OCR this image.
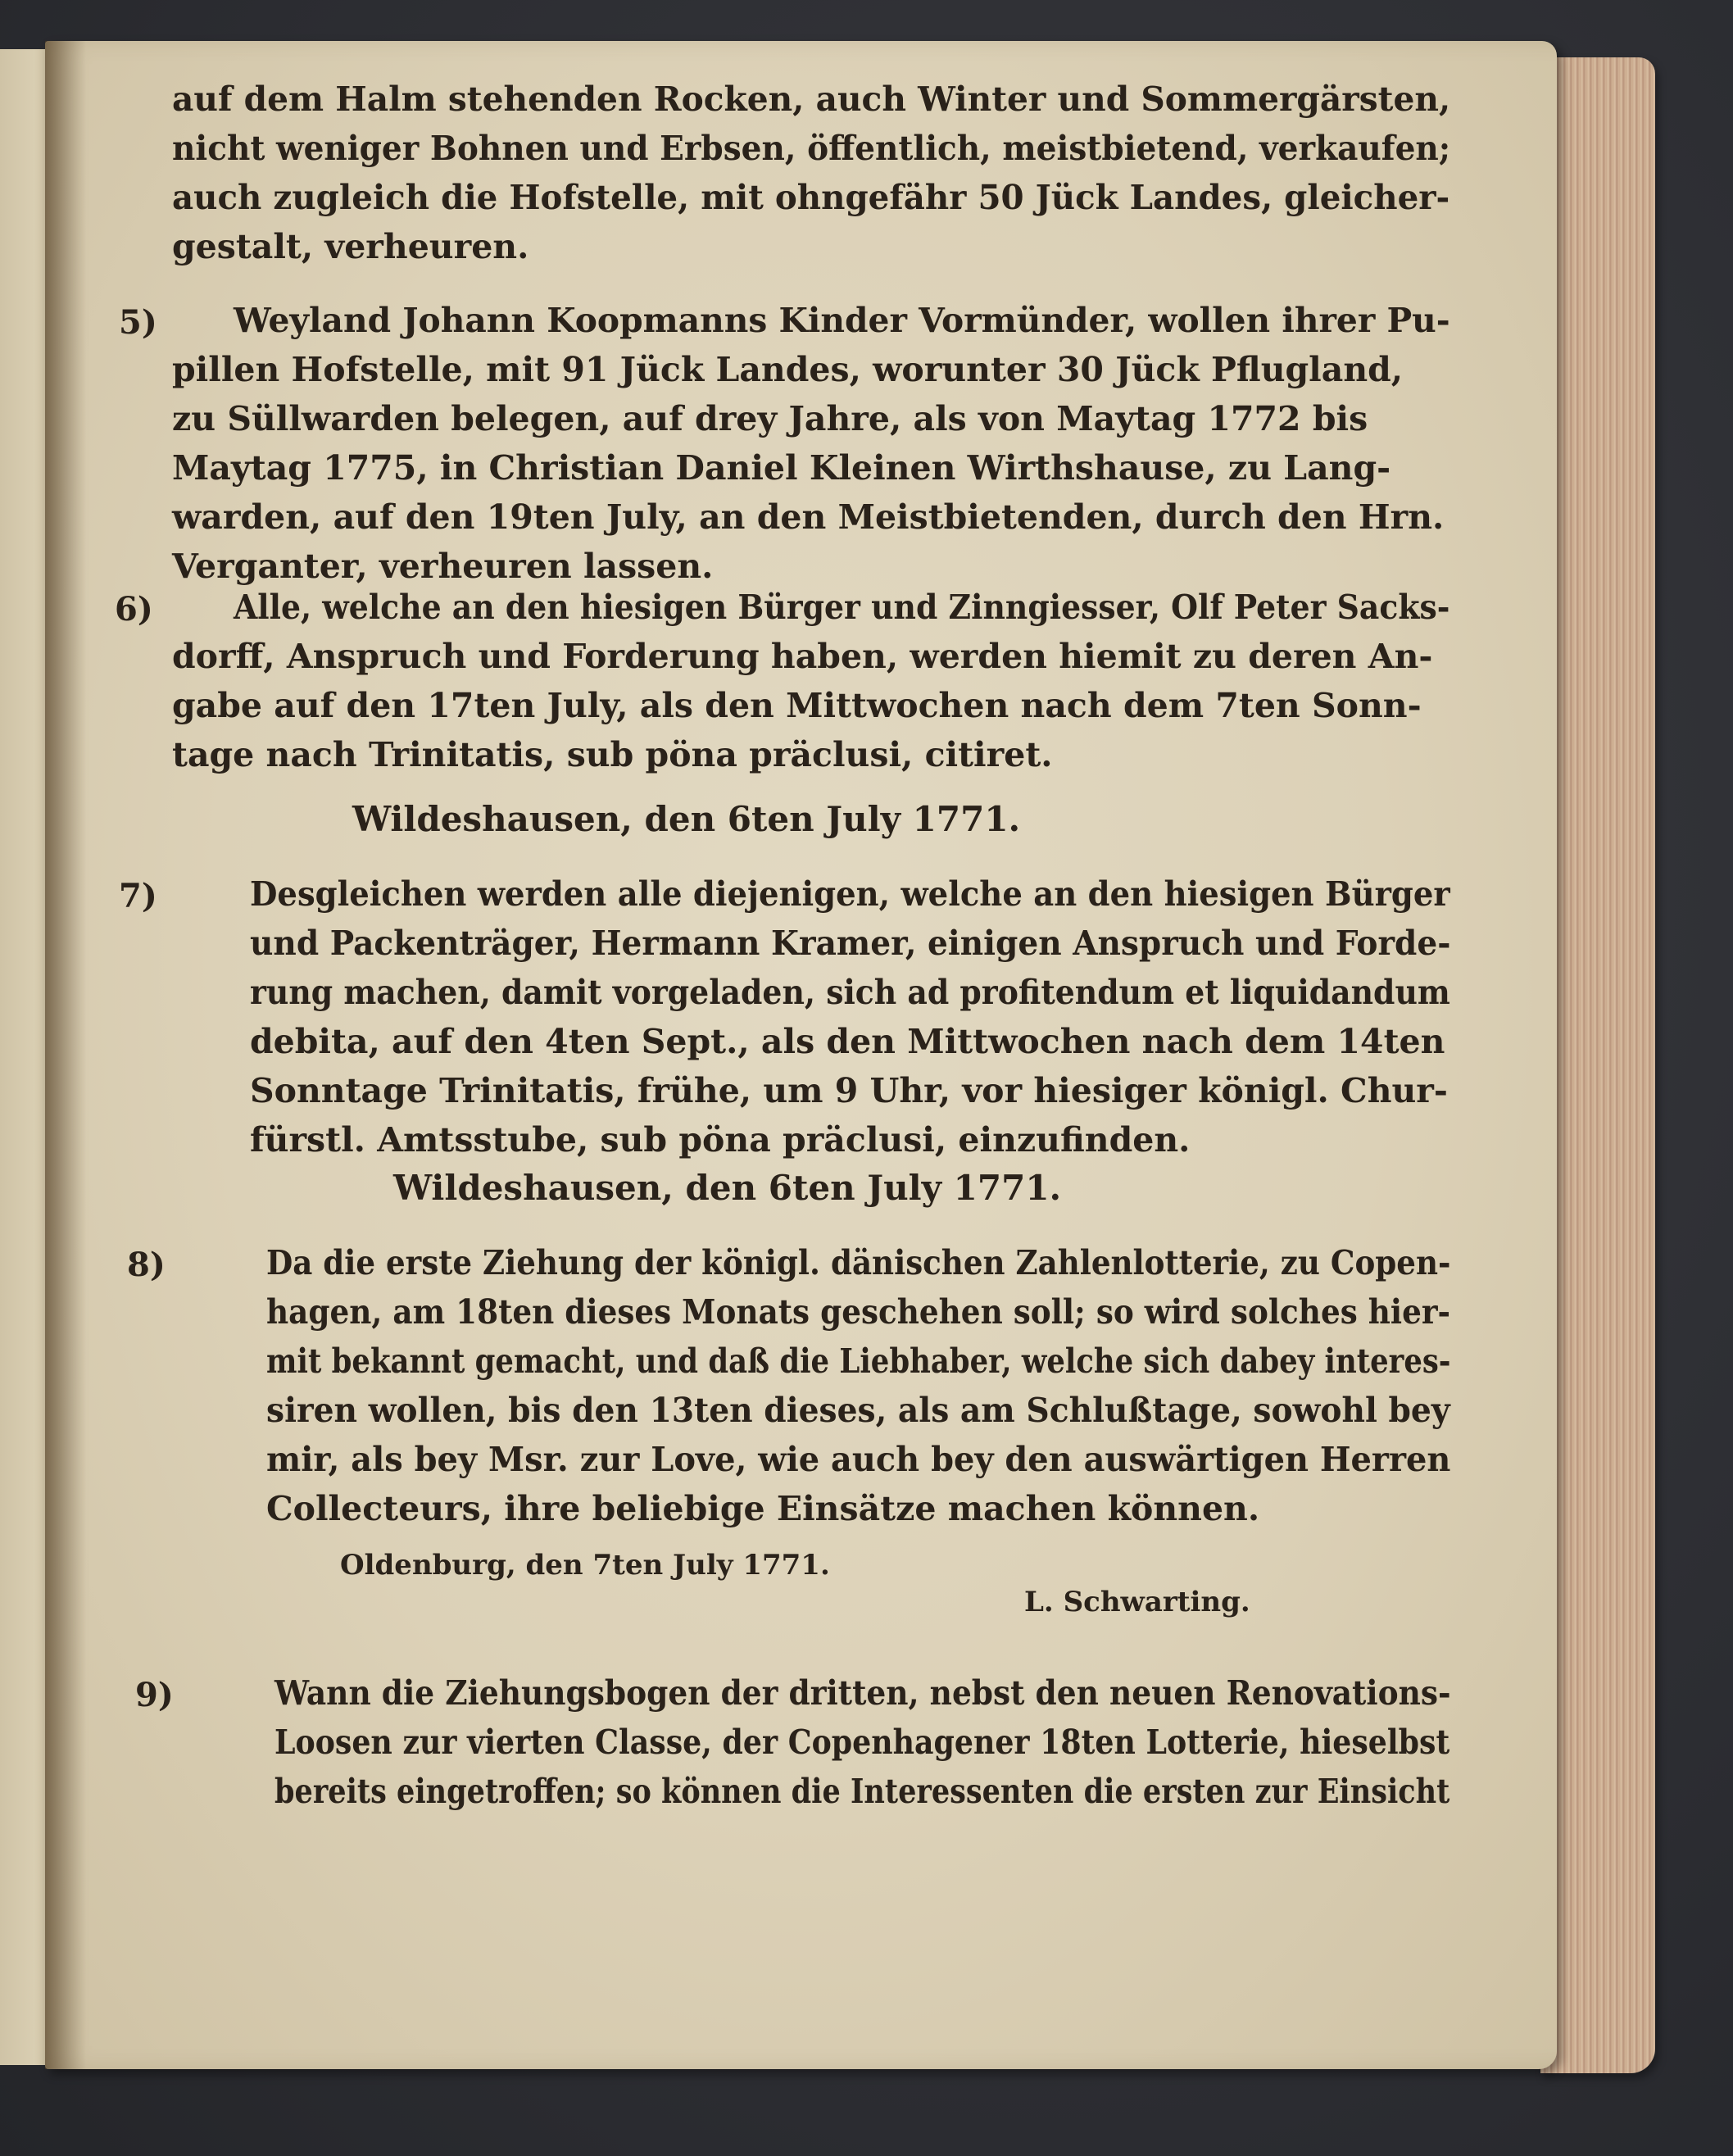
auf dem Halm stehenden Rocken, auch Winter und Sommergärsten,
nicht weniger Bohnen und Erbsen, öffentlich, meistbietend, verkaufen;
auch zugleich die Hofstelle, mit ohngefähr 50 Jück Landes, gleicher-
gestalt, verheuren.
5) Weyland Johann Koopmanns Kinder Vormünder, wollen ihrer Pu-
pillen Hofstelle, mit 91 Jück Landes, worunter 30 Jück Pflugland,
zu Süllwarden belegen, auf drey Jahre, als von Maytag 1772 bis
Maytag 1775, in Christian Daniel Kleinen Wirthshause, zu Lang-
warden, auf den 19ten July, an den Meistbietenden, durch den Hrn.
Verganter, verheuren lassen.
6) Alle, welche an den hiesigen Bürger und Zinngiesser, Olf Peter Sacks-
dorff, Anspruch und Forderung haben, werden hiemit zu deren An-
gabe auf den 17ten July, als den Mittwochen nach dem 7ten Sonn-
tage nach Trinitatis, sub pöna präclusi, citiret.
Wildeshausen, den 6ten July 1771.
7)	Desgleichen werden alle diejenigen, welche an den hiesigen Bürger
und Packenträger, Hermann Kramer, einigen Anspruch und Forde-
rung machen, damit vorgeladen, sich ad profitendum et liquidandum
debita, auf den 4ten Sept., als den Mittwochen nach dem 14ten
Sonntage Trinitatis, frühe, um 9 Uhr, vor hiesiger königl. Chur-
fürstl. Amtsstube, sub pöna präclusi, einzufinden.
Wildeshausen, den 6ten July 1771.
8)	Da die erste Ziehung der königl. dänischen Zahlenlotterie, zu Copen-
hagen, am 18ten dieses Monats geschehen soll; so wird solches hier-
mit bekannt gemacht, und daß die Liebhaber, welche sich dabey interes-
siren wollen, bis den 13ten dieses, als am Schlußtage, sowohl bey
mir, als bey Msr. zur Love, wie auch bey den auswärtigen Herren
Collecteurs, ihre beliebige Einsätze machen können.
Oldenburg, den 7ten July 1771.
L. Schwarting.
9)	Wann die Ziehungsbogen der dritten, nebst den neuen Renovations-
Loosen zur vierten Classe, der Copenhagener 18ten Lotterie, hieselbst
bereits eingetroffen; so können die Interessenten die ersten zur Einsicht
